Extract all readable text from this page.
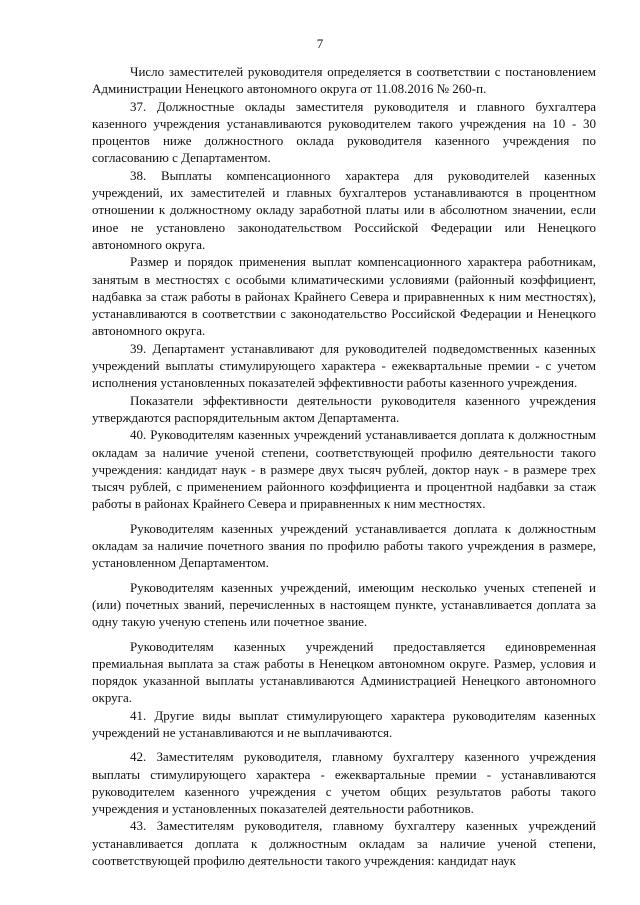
7

Число заместителей руководителя определяется в соответствии с постановлением Администрации Ненецкого автономного округа от 11.08.2016 № 260-п.

37. Должностные оклады заместителя руководителя и главного бухгалтера казенного учреждения устанавливаются руководителем такого учреждения на 10 - 30 процентов ниже должностного оклада руководителя казенного учреждения по согласованию с Департаментом.

38. Выплаты компенсационного характера для руководителей казенных учреждений, их заместителей и главных бухгалтеров устанавливаются в процентном отношении к должностному окладу заработной платы или в абсолютном значении, если иное не установлено законодательством Российской Федерации или Ненецкого автономного округа.

Размер и порядок применения выплат компенсационного характера работникам, занятым в местностях с особыми климатическими условиями (районный коэффициент, надбавка за стаж работы в районах Крайнего Севера и приравненных к ним местностях), устанавливаются в соответствии с законодательство Российской Федерации и Ненецкого автономного округа.

39. Департамент устанавливают для руководителей подведомственных казенных учреждений выплаты стимулирующего характера - ежеквартальные премии - с учетом исполнения установленных показателей эффективности работы казенного учреждения.

Показатели эффективности деятельности руководителя казенного учреждения утверждаются распорядительным актом Департамента.

40. Руководителям казенных учреждений устанавливается доплата к должностным окладам за наличие ученой степени, соответствующей профилю деятельности такого учреждения: кандидат наук - в размере двух тысяч рублей, доктор наук - в размере трех тысяч рублей, с применением районного коэффициента и процентной надбавки за стаж работы в районах Крайнего Севера и приравненных к ним местностях.

Руководителям казенных учреждений устанавливается доплата к должностным окладам за наличие почетного звания по профилю работы такого учреждения в размере, установленном Департаментом.

Руководителям казенных учреждений, имеющим несколько ученых степеней и (или) почетных званий, перечисленных в настоящем пункте, устанавливается доплата за одну такую ученую степень или почетное звание.

Руководителям казенных учреждений предоставляется единовременная премиальная выплата за стаж работы в Ненецком автономном округе. Размер, условия и порядок указанной выплаты устанавливаются Администрацией Ненецкого автономного округа.

41. Другие виды выплат стимулирующего характера руководителям казенных учреждений не устанавливаются и не выплачиваются.

42. Заместителям руководителя, главному бухгалтеру казенного учреждения выплаты стимулирующего характера - ежеквартальные премии - устанавливаются руководителем казенного учреждения с учетом общих результатов работы такого учреждения и установленных показателей деятельности работников.

43. Заместителям руководителя, главному бухгалтеру казенных учреждений устанавливается доплата к должностным окладам за наличие ученой степени, соответствующей профилю деятельности такого учреждения: кандидат наук
